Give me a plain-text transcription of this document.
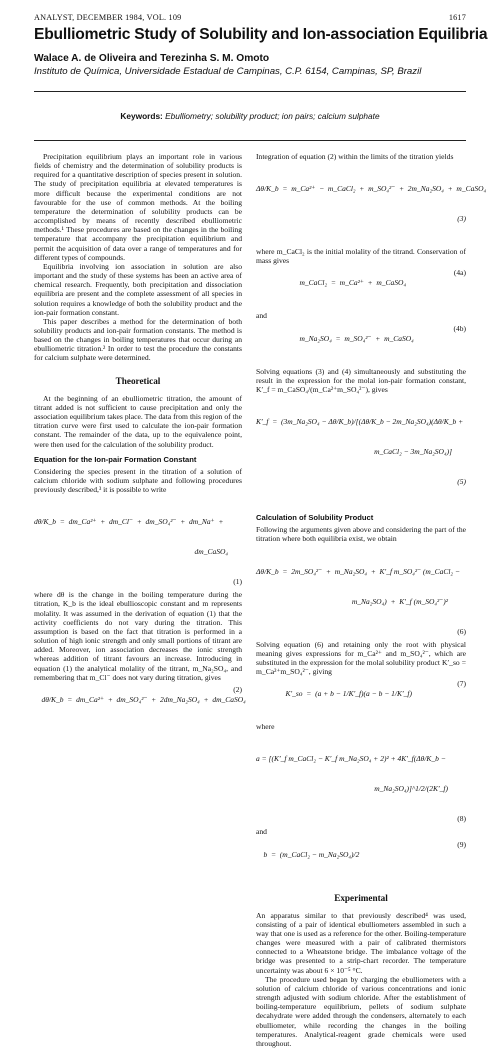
ANALYST, DECEMBER 1984, VOL. 109	1617
Ebulliometric Study of Solubility and Ion-association Equilibria
Walace A. de Oliveira and Terezinha S. M. Omoto
Instituto de Química, Universidade Estadual de Campinas, C.P. 6154, Campinas, SP, Brazil
Keywords: Ebulliometry; solubility product; ion pairs; calcium sulphate

Precipitation equilibrium plays an important role in various fields of chemistry and the determination of solubility products is required for a quantitative description of species present in solution. The study of precipitation equilibria at elevated temperatures is more difficult because the experimental conditions are not favourable for the use of common methods. At the boiling temperature the determination of solubility products can be accomplished by means of recently described ebulliometric methods.¹ These procedures are based on the changes in the boiling temperature that accompany the precipitation equilibrium and permit the acquisition of data over a range of temperatures and for different types of compounds.

Equilibria involving ion association in solution are also important and the study of these systems has been an active area of chemical research. Frequently, both precipitation and dissociation equilibria are present and the complete assessment of all species in solution requires a knowledge of both the solubility product and the ion-pair formation constant.

This paper describes a method for the determination of both solubility products and ion-pair formation constants. The method is based on the changes in boiling temperatures that occur during an ebulliometric titration.² In order to test the procedure the constants for calcium sulphate were determined.

Theoretical

At the beginning of an ebulliometric titration, the amount of titrant added is not sufficient to cause precipitation and only the association equilibrium takes place. The data from this region of the titration curve were first used to calculate the ion-pair formation constant. The remainder of the data, up to the equivalence point, were then used for the calculation of the solubility product.

Equation for the Ion-pair Formation Constant

Considering the species present in the titration of a solution of calcium chloride with sodium sulphate and following procedures previously described,³ it is possible to write

dθ/K_b  =  dm_Ca²⁺  +  dm_Cl⁻  +  dm_SO₄²⁻  +  dm_Na⁺  +

dm_CaSO₄

(1)

where dθ is the change in the boiling temperature during the titration, K_b is the ideal ebullioscopic constant and m represents molality. It was assumed in the derivation of equation (1) that the activity coefficients do not vary during the titration. This assumption is based on the fact that titration is performed in a solution of high ionic strength and only small portions of titrant are added. Moreover, ion association decreases the ionic strength whereas addition of titrant favours an increase. Introducing in equation (1) the analytical molality of the titrant, m_Na₂SO₄, and remembering that m_Cl⁻ does not vary during titration, gives

dθ/K_b  =  dm_Ca²⁺  +  dm_SO₄²⁻  +  2dm_Na₂SO₄  +  dm_CaSO₄

(2)

Integration of equation (2) within the limits of the titration yields

Δθ/K_b  =  m_Ca²⁺  −  m_CaCl₂  +  m_SO₄²⁻  +  2m_Na₂SO₄  +  m_CaSO₄

(3)

where m_CaCl₂ is the initial molality of the titrand. Conservation of mass gives

m_CaCl₂  =  m_Ca²⁺  +  m_CaSO₄

(4a)

and

m_Na₂SO₄  =  m_SO₄²⁻  +  m_CaSO₄

(4b)

Solving equations (3) and (4) simultaneously and substituting the result in the expression for the molal ion-pair formation constant, K′_f = m_CaSO₄/(m_Ca²⁺m_SO₄²⁻), gives

K′_f  =  (3m_Na₂SO₄ − Δθ/K_b)/[(Δθ/K_b − 2m_Na₂SO₄)(Δθ/K_b +

m_CaCl₂ − 3m_Na₂SO₄)]

(5)

Calculation of Solubility Product

Following the arguments given above and considering the part of the titration where both equilibria exist, we obtain

Δθ/K_b  =  2m_SO₄²⁻  +  m_Na₂SO₄  +  K′_f m_SO₄²⁻ (m_CaCl₂ −

m_Na₂SO₄)  +  K′_f (m_SO₄²⁻)²

(6)

Solving equation (6) and retaining only the root with physical meaning gives expressions for m_Ca²⁺ and m_SO₄²⁻, which are substituted in the expression for the molal solubility product K′_so = m_Ca²⁺m_SO₄²⁻, giving

K′_so  =  (a + b − 1/K′_f)(a − b − 1/K′_f)

(7)

where

a = [(K′_f m_CaCl₂ − K′_f m_Na₂SO₄ + 2)² + 4K′_f(Δθ/K_b −

m_Na₂SO₄)]^1/2/(2K′_f)

(8)

and

b  =  (m_CaCl₂ − m_Na₂SO₄)/2

(9)

Experimental

An apparatus similar to that previously described⁴ was used, consisting of a pair of identical ebulliometers assembled in such a way that one is used as a reference for the other. Boiling-temperature changes were measured with a pair of calibrated thermistors connected to a Wheatstone bridge. The imbalance voltage of the bridge was presented to a strip-chart recorder. The temperature uncertainty was about 6 × 10⁻⁵ °C.

The procedure used began by charging the ebulliometers with a solution of calcium chloride of various concentrations and ionic strength adjusted with sodium chloride. After the establishment of boiling-temperature equilibrium, pellets of sodium sulphate decahydrate were added through the condensers, alternately to each ebulliometer, while recording the changes in the boiling temperatures. Analytical-reagent grade chemicals were used throughout.
